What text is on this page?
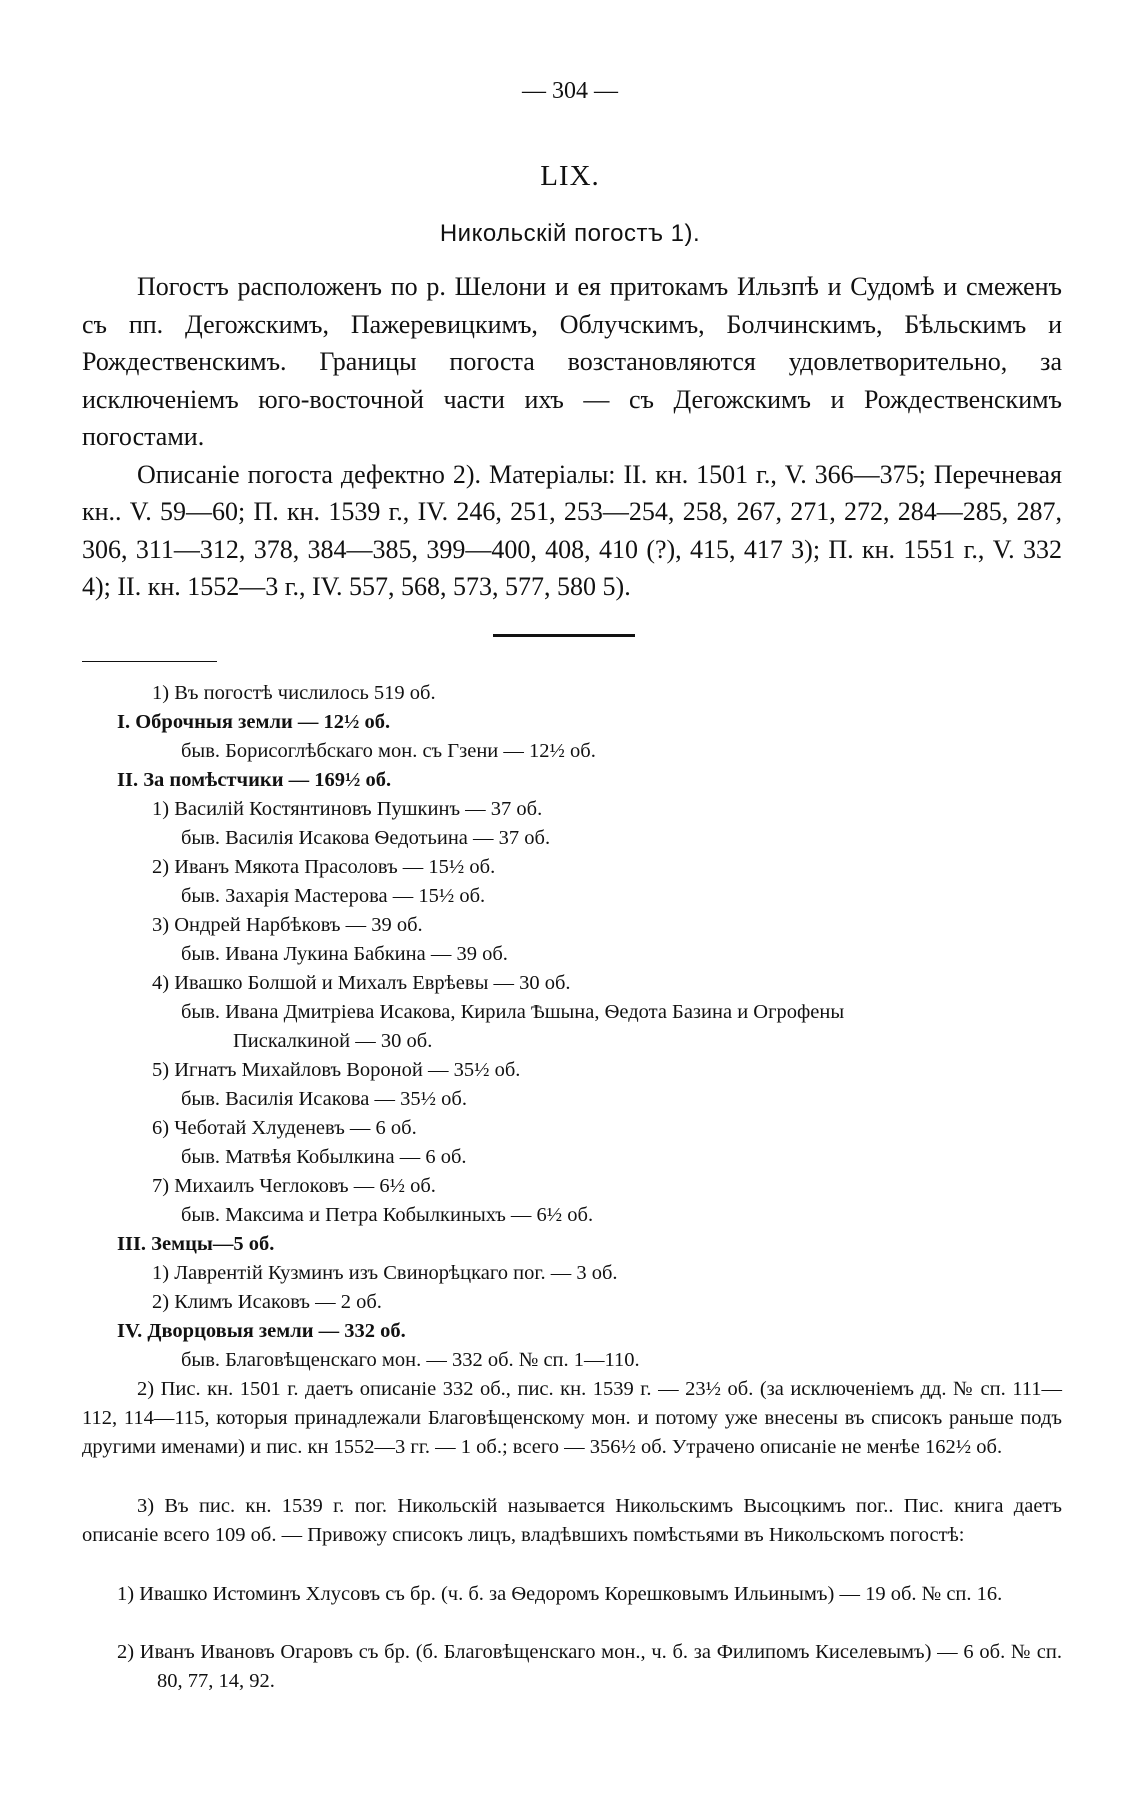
— 304 —
LIX.
Никольскій погостъ 1).

Погостъ расположенъ по р. Шелони и ея притокамъ Ильзпѣ и Судомѣ и смеженъ съ пп. Дегожскимъ, Пажеревицкимъ, Облучскимъ, Болчинскимъ, Бѣльскимъ и Рождественскимъ. Границы погоста возстановляются удовлетворительно, за исключеніемъ юго-восточной части ихъ — съ Дегожскимъ и Рождественскимъ погостами.

Описаніе погоста дефектно 2). Матеріалы: II. кн. 1501 г., V. 366—375; Перечневая кн.. V. 59—60; П. кн. 1539 г., IV. 246, 251, 253—254, 258, 267, 271, 272, 284—285, 287, 306, 311—312, 378, 384—385, 399—400, 408, 410 (?), 415, 417 3); П. кн. 1551 г., V. 332 4); II. кн. 1552—3 г., IV. 557, 568, 573, 577, 580 5).

1) Въ погостѣ числилось 519 об.
I. Оброчныя земли — 12½ об.
быв. Борисоглѣбскаго мон. съ Гзени — 12½ об.
II. За помѣстчики — 169½ об.
1) Василій Костянтиновъ Пушкинъ — 37 об.
быв. Василія Исакова Ѳедотьина — 37 об.
2) Иванъ Мякота Прасоловъ — 15½ об.
быв. Захарія Мастерова — 15½ об.
3) Ондрей Нарбѣковъ — 39 об.
быв. Ивана Лукина Бабкина — 39 об.
4) Ивашко Болшой и Михалъ Еврѣевы — 30 об.
быв. Ивана Дмитріева Исакова, Кирила Ѣшына, Ѳедота Базина и Огрофены
Пискалкиной — 30 об.
5) Игнатъ Михайловъ Вороной — 35½ об.
быв. Василія Исакова — 35½ об.
6) Чеботай Хлуденевъ — 6 об.
быв. Матвѣя Кобылкина — 6 об.
7) Михаилъ Чеглоковъ — 6½ об.
быв. Максима и Петра Кобылкиныхъ — 6½ об.
III. Земцы—5 об.
1) Лаврентій Кузминъ изъ Свинорѣцкаго пог. — 3 об.
2) Климъ Исаковъ — 2 об.
IV. Дворцовыя земли — 332 об.
быв. Благовѣщенскаго мон. — 332 об. № сп. 1—110.

2) Пис. кн. 1501 г. даетъ описаніе 332 об., пис. кн. 1539 г. — 23½ об. (за исключеніемъ дд. № сп. 111—112, 114—115, которыя принадлежали Благовѣщенскому мон. и потому уже внесены въ списокъ раньше подъ другими именами) и пис. кн 1552—3 гг. — 1 об.; всего — 356½ об. Утрачено описаніе не менѣе 162½ об.

3) Въ пис. кн. 1539 г. пог. Никольскій называется Никольскимъ Высоцкимъ пог.. Пис. книга даетъ описаніе всего 109 об. — Привожу списокъ лицъ, владѣвшихъ помѣстьями въ Никольскомъ погостѣ:

1) Ивашко Истоминъ Хлусовъ съ бр. (ч. б. за Ѳедоромъ Корешковымъ Ильинымъ) — 19 об. № сп. 16.

2) Иванъ Ивановъ Огаровъ съ бр. (б. Благовѣщенскаго мон., ч. б. за Филипомъ Киселевымъ) — 6 об. № сп. 80, 77, 14, 92.
